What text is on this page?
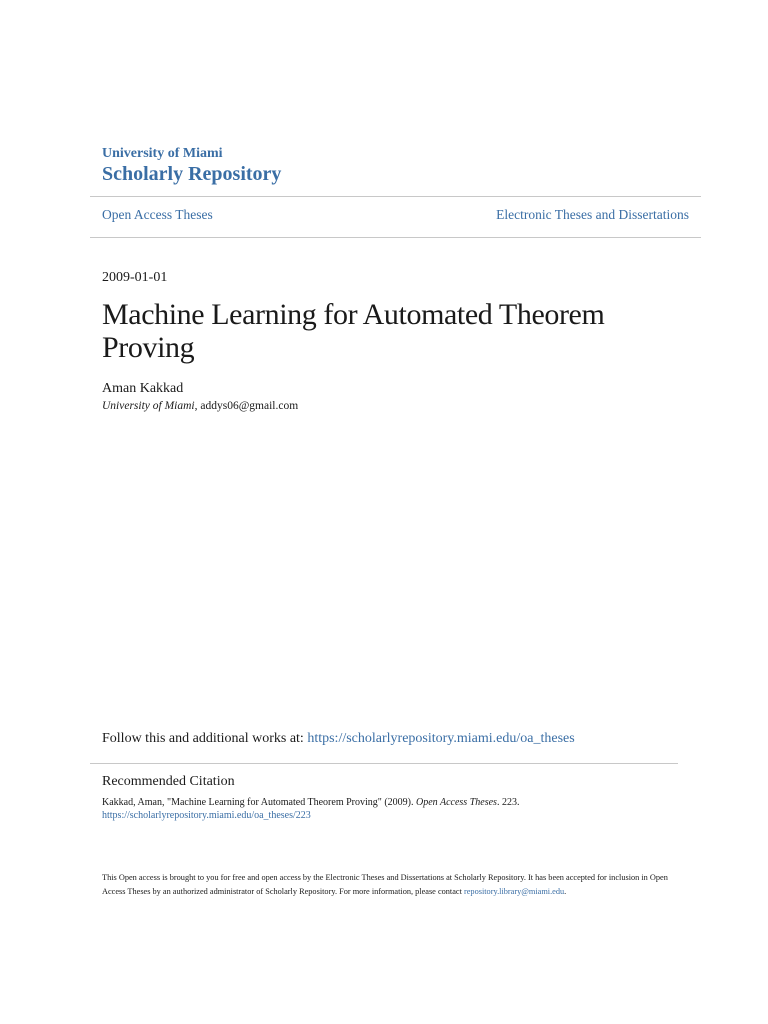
University of Miami
Scholarly Repository
Open Access Theses	Electronic Theses and Dissertations
2009-01-01
Machine Learning for Automated Theorem Proving
Aman Kakkad
University of Miami, addys06@gmail.com
Follow this and additional works at: https://scholarlyrepository.miami.edu/oa_theses
Recommended Citation
Kakkad, Aman, "Machine Learning for Automated Theorem Proving" (2009). Open Access Theses. 223.
https://scholarlyrepository.miami.edu/oa_theses/223
This Open access is brought to you for free and open access by the Electronic Theses and Dissertations at Scholarly Repository. It has been accepted for inclusion in Open Access Theses by an authorized administrator of Scholarly Repository. For more information, please contact repository.library@miami.edu.
